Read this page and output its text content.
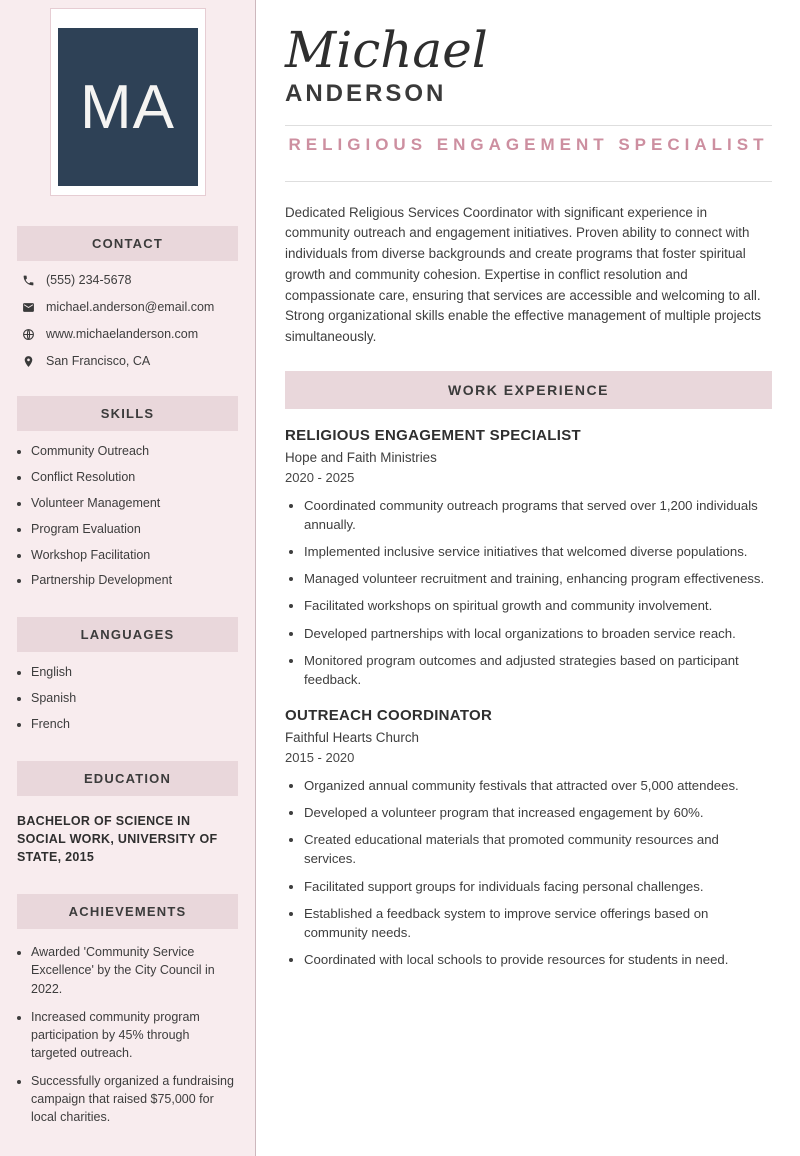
MA
CONTACT
(555) 234-5678
michael.anderson@email.com
www.michaelanderson.com
San Francisco, CA
SKILLS
• Community Outreach
• Conflict Resolution
• Volunteer Management
• Program Evaluation
• Workshop Facilitation
• Partnership Development
LANGUAGES
• English
• Spanish
• French
EDUCATION
BACHELOR OF SCIENCE IN SOCIAL WORK, UNIVERSITY OF STATE, 2015
ACHIEVEMENTS
• Awarded 'Community Service Excellence' by the City Council in 2022.
• Increased community program participation by 45% through targeted outreach.
• Successfully organized a fundraising campaign that raised $75,000 for local charities.
Michael
ANDERSON
RELIGIOUS ENGAGEMENT SPECIALIST

Dedicated Religious Services Coordinator with significant experience in community outreach and engagement initiatives. Proven ability to connect with individuals from diverse backgrounds and create programs that foster spiritual growth and community cohesion. Expertise in conflict resolution and compassionate care, ensuring that services are accessible and welcoming to all. Strong organizational skills enable the effective management of multiple projects simultaneously.

WORK EXPERIENCE
RELIGIOUS ENGAGEMENT SPECIALIST
Hope and Faith Ministries
2020 - 2025
• Coordinated community outreach programs that served over 1,200 individuals annually.
• Implemented inclusive service initiatives that welcomed diverse populations.
• Managed volunteer recruitment and training, enhancing program effectiveness.
• Facilitated workshops on spiritual growth and community involvement.
• Developed partnerships with local organizations to broaden service reach.
• Monitored program outcomes and adjusted strategies based on participant feedback.
OUTREACH COORDINATOR
Faithful Hearts Church
2015 - 2020
• Organized annual community festivals that attracted over 5,000 attendees.
• Developed a volunteer program that increased engagement by 60%.
• Created educational materials that promoted community resources and services.
• Facilitated support groups for individuals facing personal challenges.
• Established a feedback system to improve service offerings based on community needs.
• Coordinated with local schools to provide resources for students in need.
